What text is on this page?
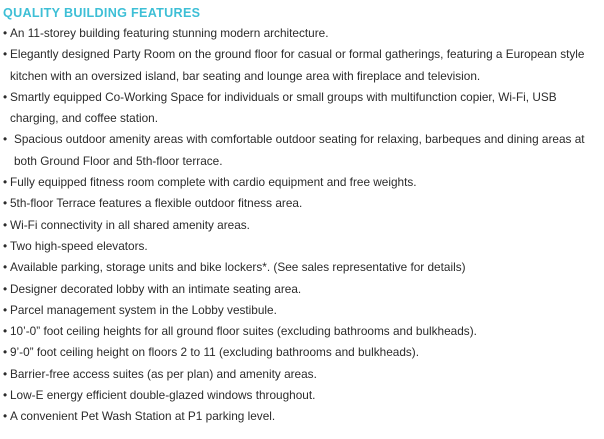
QUALITY BUILDING FEATURES
• An 11-storey building featuring stunning modern architecture.
• Elegantly designed Party Room on the ground floor for casual or formal gatherings, featuring a European style kitchen with an oversized island, bar seating and lounge area with fireplace and television.
• Smartly equipped Co-Working Space for individuals or small groups with multifunction copier, Wi-Fi, USB charging, and coffee station.
• Spacious outdoor amenity areas with comfortable outdoor seating for relaxing, barbeques and dining areas at both Ground Floor and 5th-floor terrace.
• Fully equipped fitness room complete with cardio equipment and free weights.
• 5th-floor Terrace features a flexible outdoor fitness area.
• Wi-Fi connectivity in all shared amenity areas.
• Two high-speed elevators.
• Available parking, storage units and bike lockers*. (See sales representative for details)
• Designer decorated lobby with an intimate seating area.
• Parcel management system in the Lobby vestibule.
• 10’-0” foot ceiling heights for all ground floor suites (excluding bathrooms and bulkheads).
• 9’-0” foot ceiling height on floors 2 to 11 (excluding bathrooms and bulkheads).
• Barrier-free access suites (as per plan) and amenity areas.
• Low-E energy efficient double-glazed windows throughout.
• A convenient Pet Wash Station at P1 parking level.
